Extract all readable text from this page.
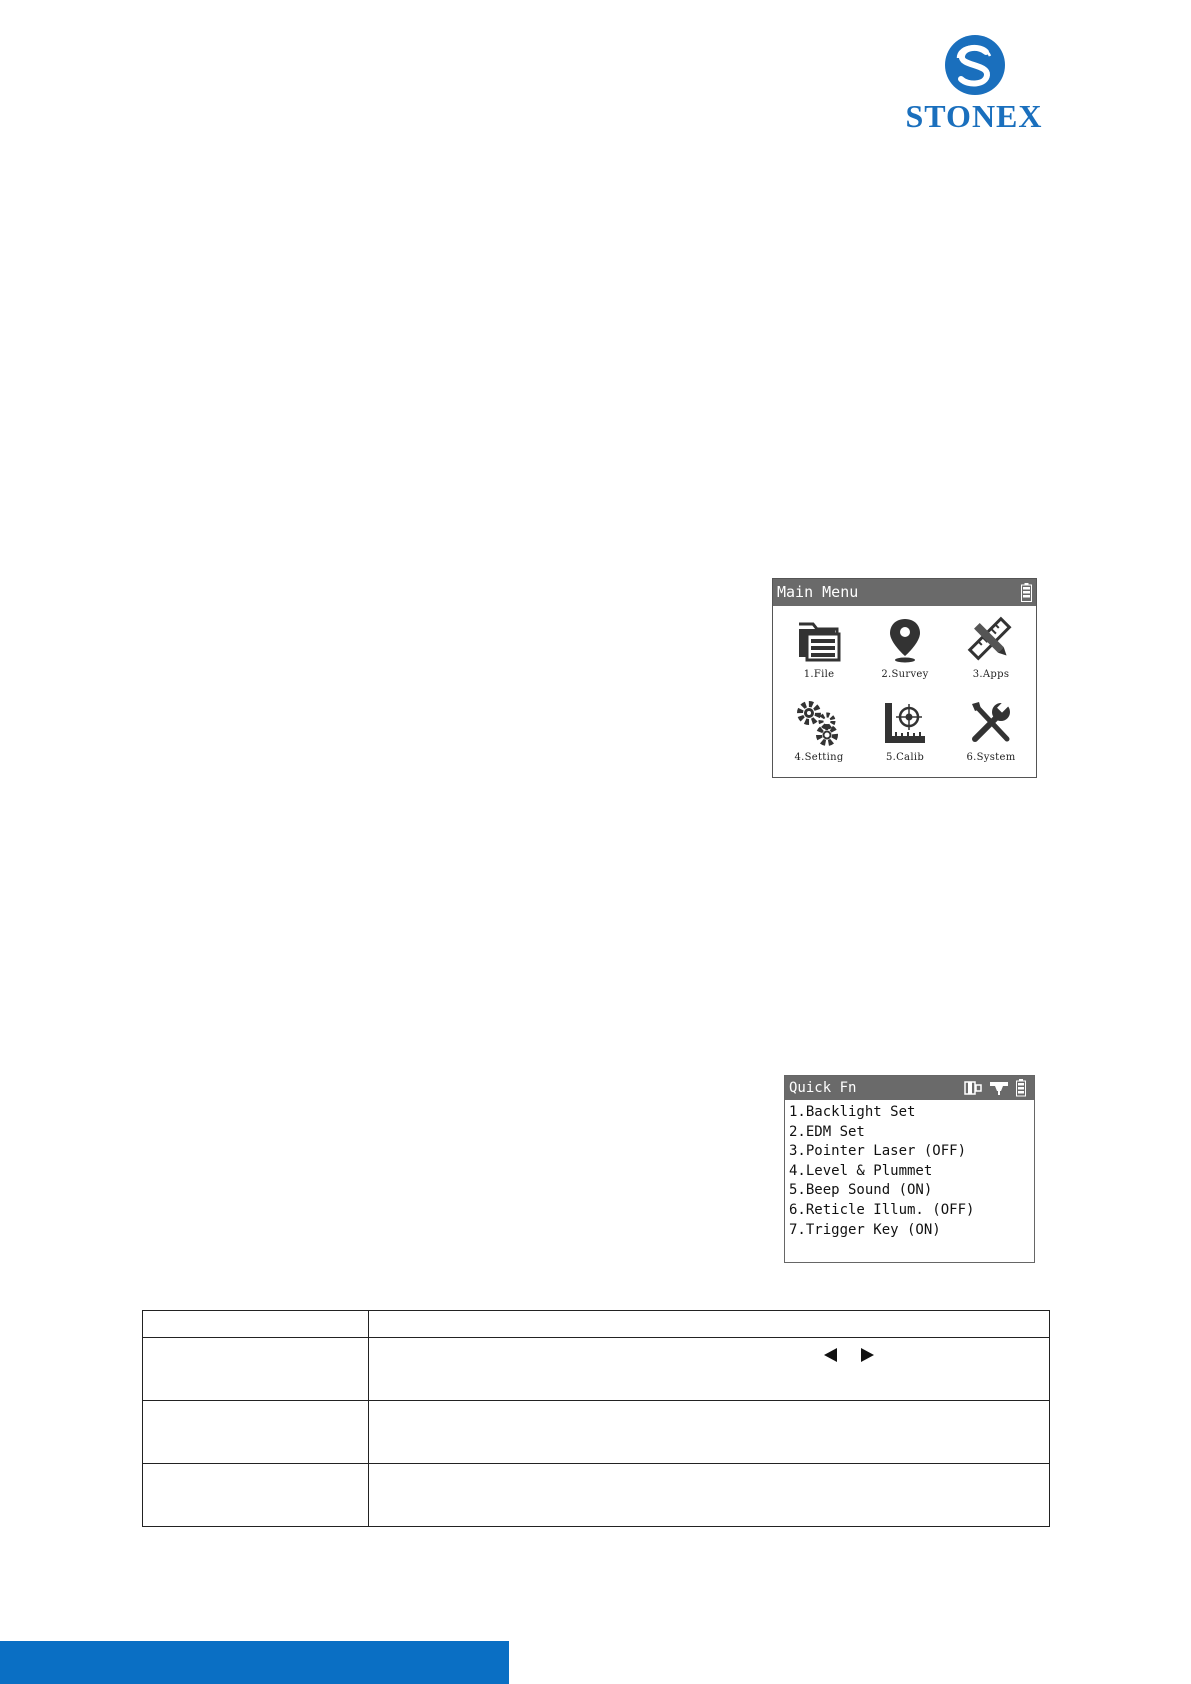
STONEX
Main Menu
1.File	2.Survey	3.Apps
4.Setting	5.Calib	6.System
Quick Fn
1.Backlight Set
2.EDM Set
3.Pointer Laser (OFF)
4.Level & Plummet
5.Beep Sound (ON)
6.Reticle Illum. (OFF)
7.Trigger Key (ON)
